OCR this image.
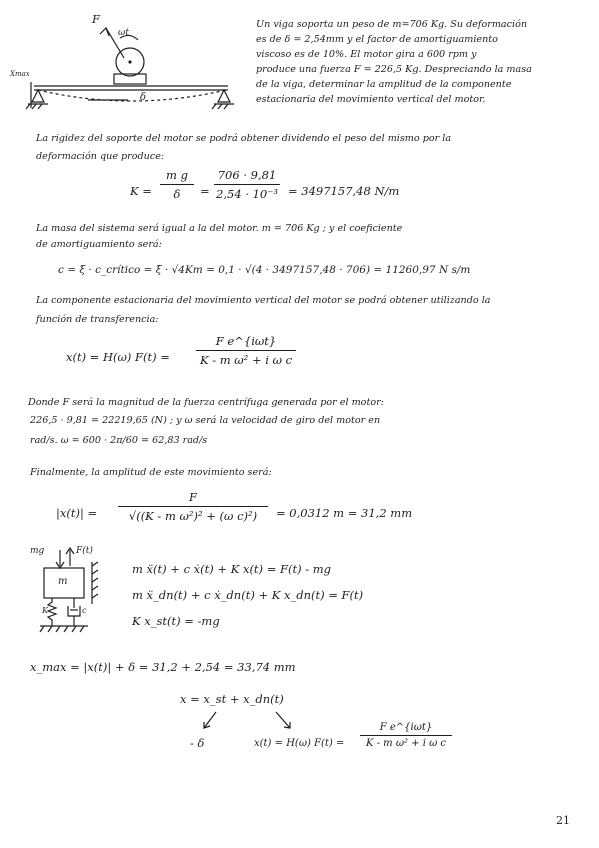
F
ωt
Xmax
δ
Un viga soporta un peso de m=706 Kg. Su deformación
es de δ = 2,54mm y el factor de amortiguamiento
viscoso es de 10%. El motor gira a 600 rpm y
produce una fuerza F = 226,5 Kg. Despreciando la masa
de la viga, determinar la amplitud de la componente
estacionaria del movimiento vertical del motor.
La rigidez del soporte del motor se podrá obtener dividendo el peso del mismo por la
deformación que produce:
K =
m g
δ	=
706 · 9,81
2,54 · 10⁻³ = 3497157,48 N/m
La masa del sistema será igual a la del motor. m = 706 Kg ; y el coeficiente
de amortiguamiento será:
c = ξ · c_crítico = ξ · √4Km = 0,1 · √(4 · 3497157,48 · 706) = 11260,97 N s/m
La componente estacionaria del movimiento vertical del motor se podrá obtener utilizando la
función de transferencia:
x(t) = H(ω) F(t) =
F e^{iωt}
K - m ω² + i ω c
Donde F será la magnitud de la fuerza centrífuga generada por el motor:
226,5 · 9,81 = 22219,65 (N) ; y ω será la velocidad de giro del motor en
rad/s. ω = 600 · 2π/60 = 62,83 rad/s
Finalmente, la amplitud de este movimiento será:
|x(t)| =
F
√((K - m ω²)² + (ω c)²)	= 0,0312 m = 31,2 mm
mg	F(t)
m
K	c
m ẍ(t) + c ẋ(t) + K x(t) = F(t) - mg
m ẍ_dn(t) + c ẋ_dn(t) + K x_dn(t) = F(t)
K x_st(t) = -mg
x_max = |x(t)| + δ = 31,2 + 2,54 = 33,74 mm
x = x_st + x_dn(t)
- δ	x(t) = H(ω) F(t) =
F e^{iωt}
K - m ω² + i ω c
21
